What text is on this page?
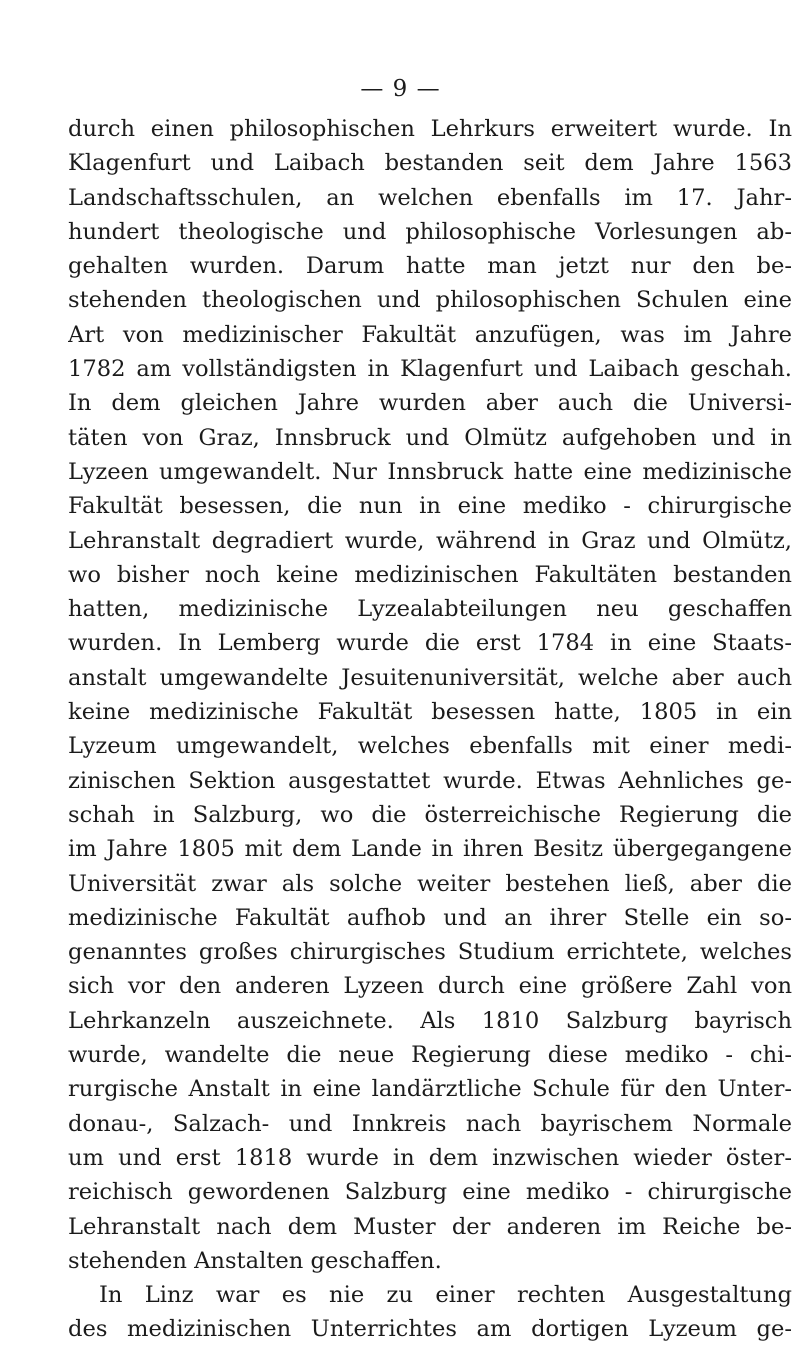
— 9 —
durch einen philosophischen Lehrkurs erweitert wurde. In
Klagenfurt und Laibach bestanden seit dem Jahre 1563
Landschaftsschulen, an welchen ebenfalls im 17. Jahr-
hundert theologische und philosophische Vorlesungen ab-
gehalten wurden. Darum hatte man jetzt nur den be-
stehenden theologischen und philosophischen Schulen eine
Art von medizinischer Fakultät anzufügen, was im Jahre
1782 am vollständigsten in Klagenfurt und Laibach geschah.
In dem gleichen Jahre wurden aber auch die Universi-
täten von Graz, Innsbruck und Olmütz aufgehoben und in
Lyzeen umgewandelt. Nur Innsbruck hatte eine medizinische
Fakultät besessen, die nun in eine mediko - chirurgische
Lehranstalt degradiert wurde, während in Graz und Olmütz,
wo bisher noch keine medizinischen Fakultäten bestanden
hatten, medizinische Lyzealabteilungen neu geschaffen
wurden. In Lemberg wurde die erst 1784 in eine Staats-
anstalt umgewandelte Jesuitenuniversität, welche aber auch
keine medizinische Fakultät besessen hatte, 1805 in ein
Lyzeum umgewandelt, welches ebenfalls mit einer medi-
zinischen Sektion ausgestattet wurde. Etwas Aehnliches ge-
schah in Salzburg, wo die österreichische Regierung die
im Jahre 1805 mit dem Lande in ihren Besitz übergegangene
Universität zwar als solche weiter bestehen ließ, aber die
medizinische Fakultät aufhob und an ihrer Stelle ein so-
genanntes großes chirurgisches Studium errichtete, welches
sich vor den anderen Lyzeen durch eine größere Zahl von
Lehrkanzeln auszeichnete. Als 1810 Salzburg bayrisch
wurde, wandelte die neue Regierung diese mediko - chi-
rurgische Anstalt in eine landärztliche Schule für den Unter-
donau-, Salzach- und Innkreis nach bayrischem Normale
um und erst 1818 wurde in dem inzwischen wieder öster-
reichisch gewordenen Salzburg eine mediko - chirurgische
Lehranstalt nach dem Muster der anderen im Reiche be-
stehenden Anstalten geschaffen.
In Linz war es nie zu einer rechten Ausgestaltung
des medizinischen Unterrichtes am dortigen Lyzeum ge-
